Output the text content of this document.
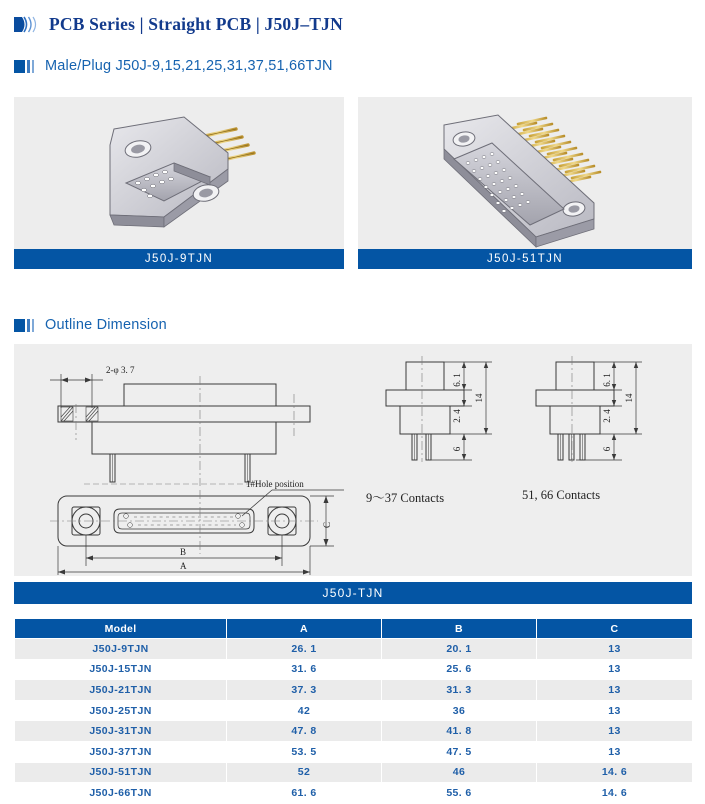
PCB Series | Straight PCB | J50J–TJN
Male/Plug J50J-9,15,21,25,31,37,51,66TJN
J50J-9TJN	J50J-51TJN
Outline Dimension
2-φ 3. 7
1#Hole position
B
A
C
6. 1
2. 4
6
14
6. 1
2. 4
6
14
9～37 Contacts	51, 66 Contacts
J50J-TJN
Model	A	B	C
J50J-9TJN	26. 1	20. 1	13
J50J-15TJN	31. 6	25. 6	13
J50J-21TJN	37. 3	31. 3	13
J50J-25TJN	42	36	13
J50J-31TJN	47. 8	41. 8	13
J50J-37TJN	53. 5	47. 5	13
J50J-51TJN	52	46	14. 6
J50J-66TJN	61. 6	55. 6	14. 6
